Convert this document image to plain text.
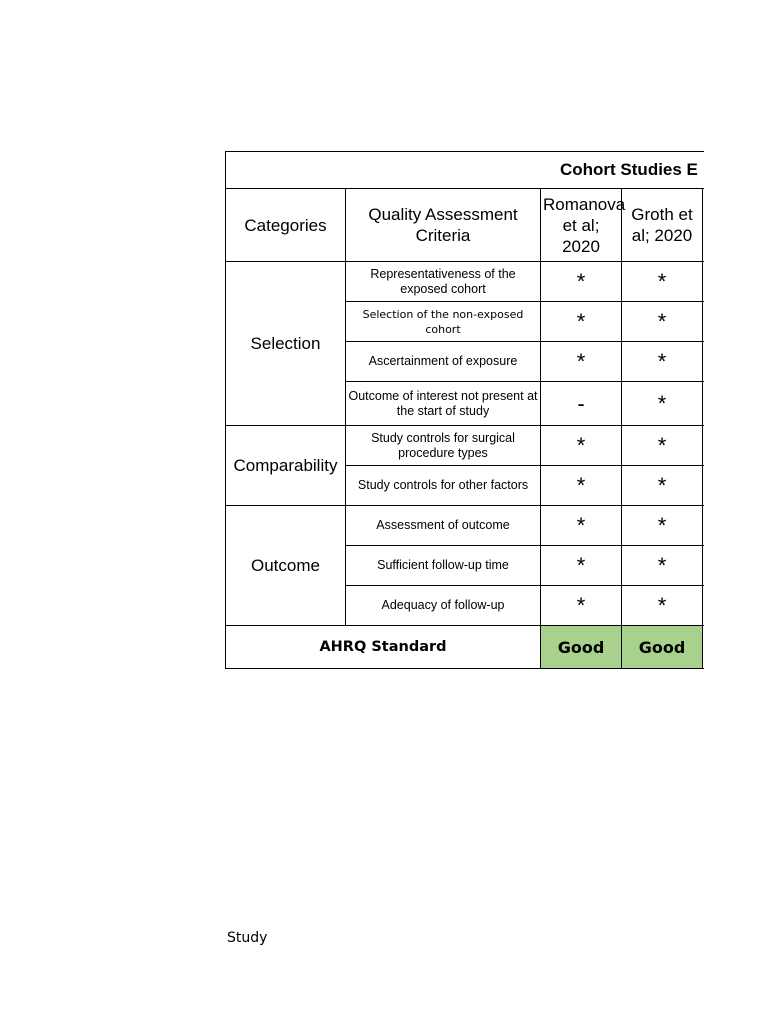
Cohort Studies E				
Categories	Quality Assessment Criteria	Romanova et al; 2020	Groth et al; 2020	
Selection	Representativeness of the exposed cohort	*	*	
	Selection of the non-exposed cohort	*	*	
	Ascertainment of exposure	*	*	
	Outcome of interest not present at the start of study	-	*	
Comparability	Study controls for surgical procedure types	*	*	
	Study controls for other factors	*	*	
Outcome	Assessment of outcome	*	*	
	Sufficient follow-up time	*	*	
	Adequacy of follow-up	*	*	
AHRQ Standard		Good	Good	
Study
